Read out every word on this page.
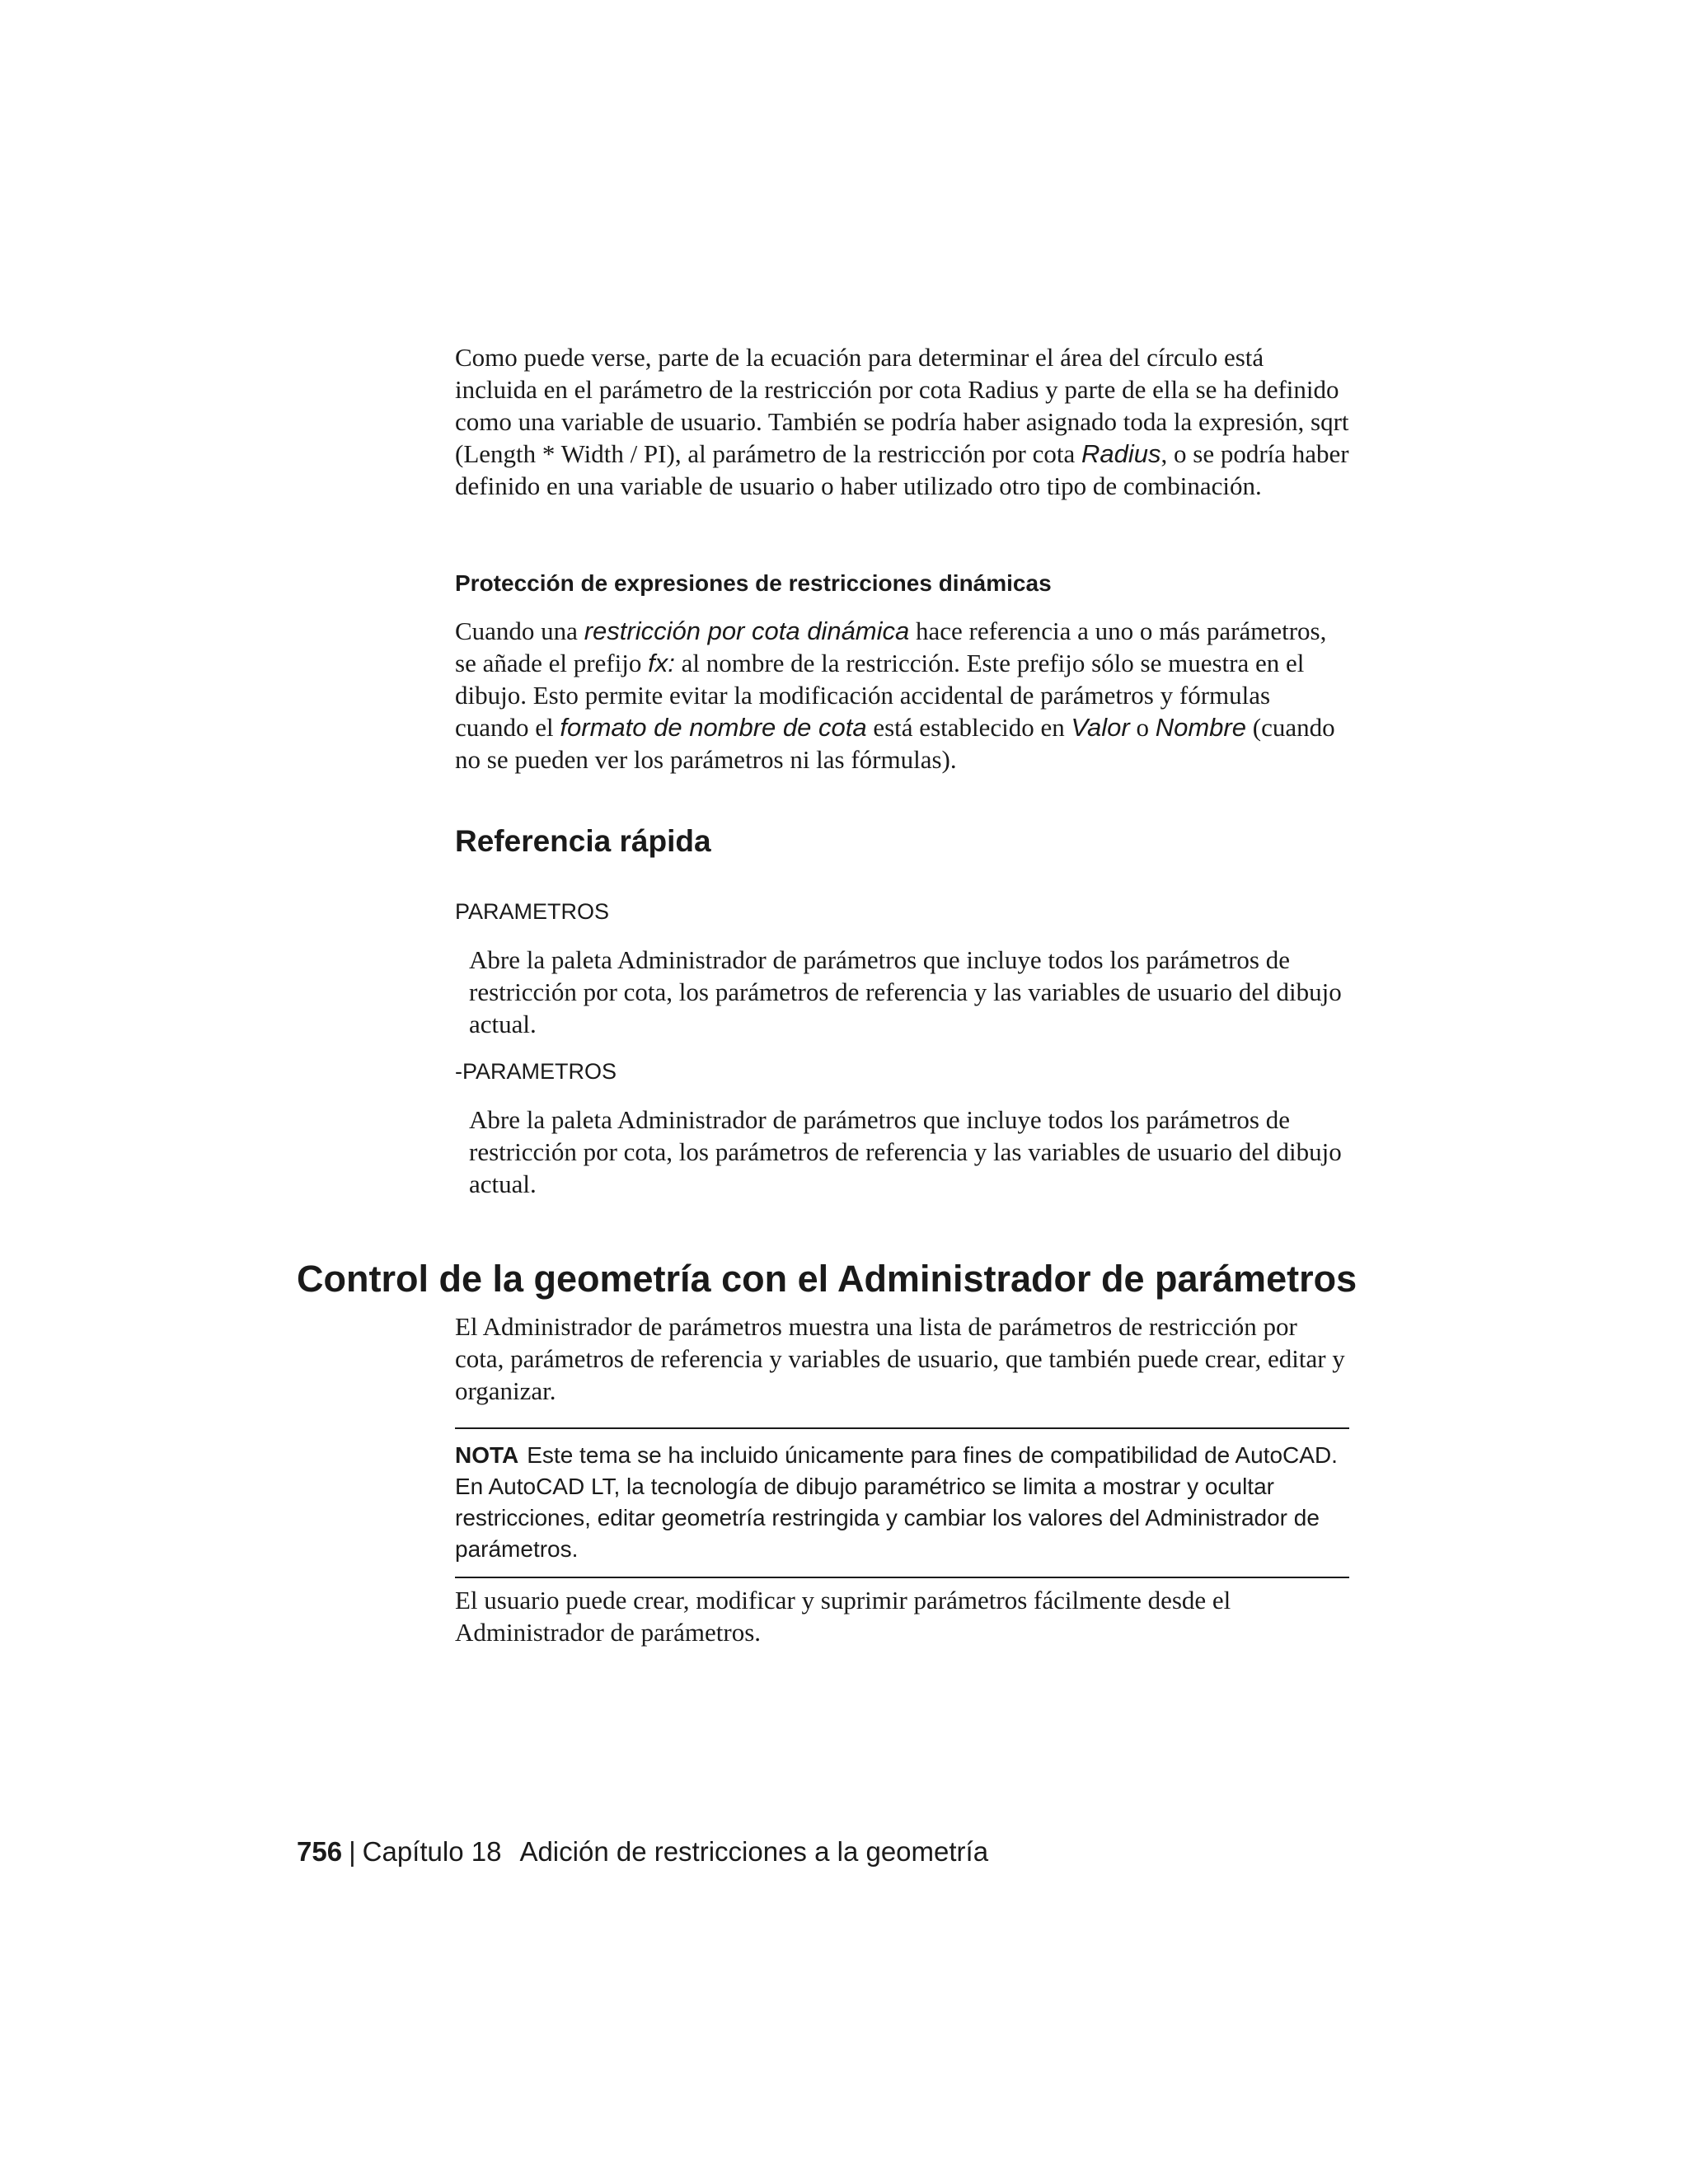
Como puede verse, parte de la ecuación para determinar el área del círculo está incluida en el parámetro de la restricción por cota Radius y parte de ella se ha definido como una variable de usuario. También se podría haber asignado toda la expresión, sqrt (Length * Width / PI), al parámetro de la restricción por cota Radius, o se podría haber definido en una variable de usuario o haber utilizado otro tipo de combinación.

Protección de expresiones de restricciones dinámicas

Cuando una restricción por cota dinámica hace referencia a uno o más parámetros, se añade el prefijo fx: al nombre de la restricción. Este prefijo sólo se muestra en el dibujo. Esto permite evitar la modificación accidental de parámetros y fórmulas cuando el formato de nombre de cota está establecido en Valor o Nombre (cuando no se pueden ver los parámetros ni las fórmulas).

Referencia rápida
PARAMETROS

Abre la paleta Administrador de parámetros que incluye todos los parámetros de restricción por cota, los parámetros de referencia y las variables de usuario del dibujo actual.

-PARAMETROS

Abre la paleta Administrador de parámetros que incluye todos los parámetros de restricción por cota, los parámetros de referencia y las variables de usuario del dibujo actual.

Control de la geometría con el Administrador de parámetros

El Administrador de parámetros muestra una lista de parámetros de restricción por cota, parámetros de referencia y variables de usuario, que también puede crear, editar y organizar.

NOTA Este tema se ha incluido únicamente para fines de compatibilidad de AutoCAD. En AutoCAD LT, la tecnología de dibujo paramétrico se limita a mostrar y ocultar restricciones, editar geometría restringida y cambiar los valores del Administrador de parámetros.

El usuario puede crear, modificar y suprimir parámetros fácilmente desde el Administrador de parámetros.

756 | Capítulo 18 Adición de restricciones a la geometría
